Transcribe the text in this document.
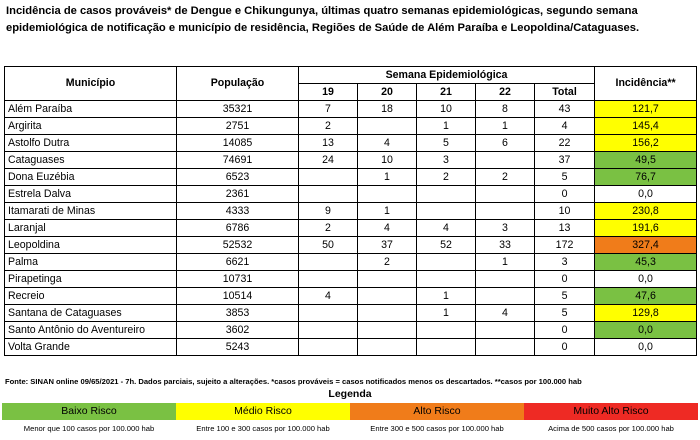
Incidência de casos prováveis* de Dengue e Chikungunya, últimas quatro semanas epidemiológicas, segundo semana epidemiológica de notificação e município de residência, Regiões de Saúde de Além Paraíba e Leopoldina/Cataguases.
Município	População	Semana Epidemiológica					Incidência**
		19	20	21	22	Total	
Além Paraíba	35321	7	18	10	8	43	121,7
Argirita	2751	2		1	1	4	145,4
Astolfo Dutra	14085	13	4	5	6	22	156,2
Cataguases	74691	24	10	3		37	49,5
Dona Euzébia	6523		1	2	2	5	76,7
Estrela Dalva	2361					0	0,0
Itamarati de Minas	4333	9	1			10	230,8
Laranjal	6786	2	4	4	3	13	191,6
Leopoldina	52532	50	37	52	33	172	327,4
Palma	6621		2		1	3	45,3
Pirapetinga	10731					0	0,0
Recreio	10514	4		1		5	47,6
Santana de Cataguases	3853			1	4	5	129,8
Santo Antônio do Aventureiro	3602					0	0,0
Volta Grande	5243					0	0,0
Fonte: SINAN online 09/65/2021 - 7h. Dados parciais, sujeito a alterações. *casos prováveis = casos notificados menos os descartados. **casos por 100.000 hab
Legenda
Baixo Risco	Médio Risco	Alto Risco	Muito Alto Risco
Menor que 100 casos por 100.000 hab	Entre 100 e 300 casos por 100.000 hab	Entre 300 e 500 casos por 100.000 hab	Acima de 500 casos por 100.000 hab
